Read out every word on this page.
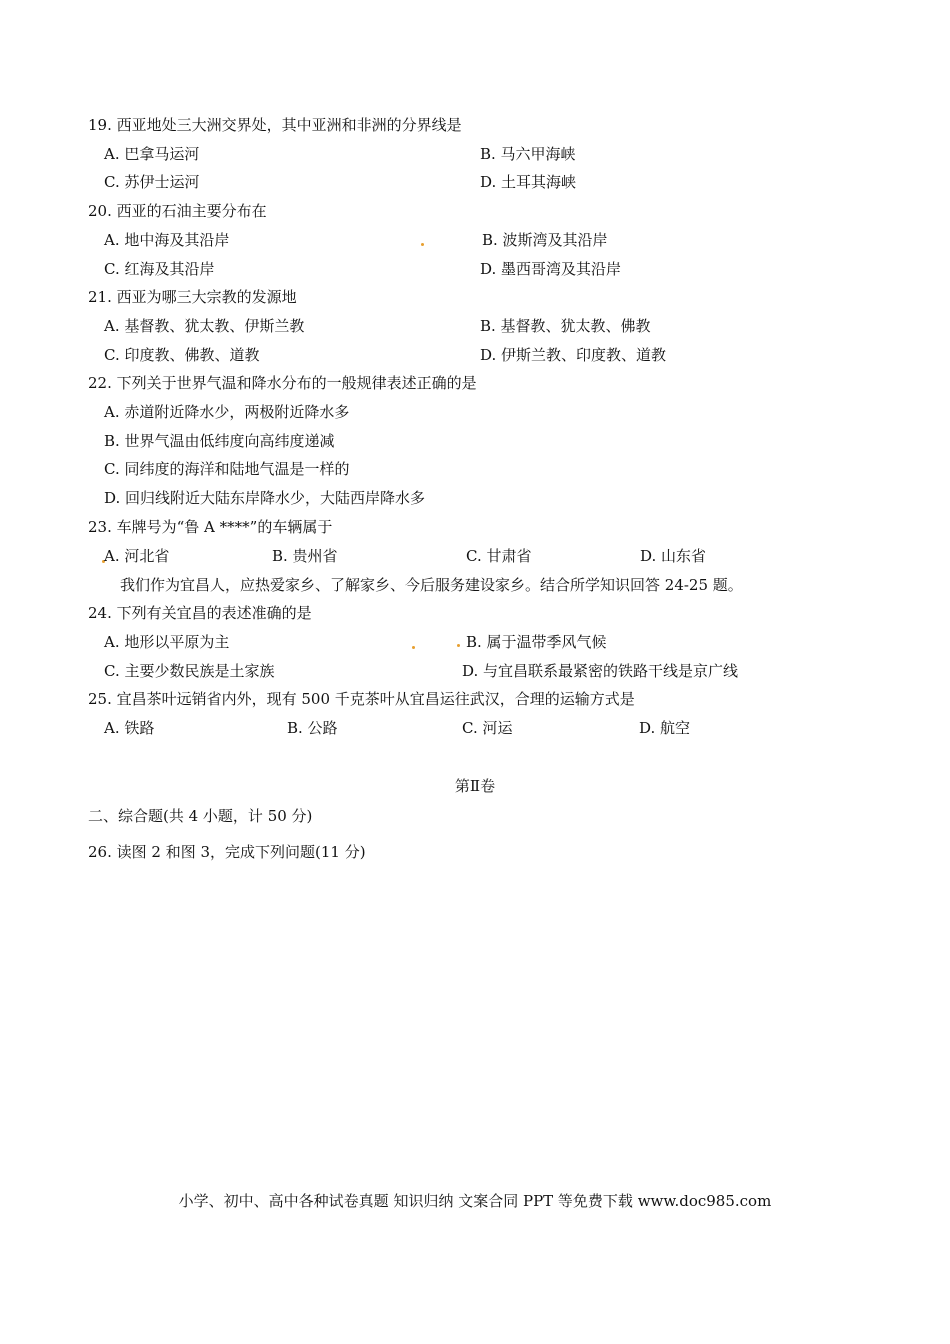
19. 西亚地处三大洲交界处，其中亚洲和非洲的分界线是
A. 巴拿马运河	B. 马六甲海峡
C. 苏伊士运河	D. 土耳其海峡
20. 西亚的石油主要分布在
A. 地中海及其沿岸	B. 波斯湾及其沿岸
C. 红海及其沿岸	D. 墨西哥湾及其沿岸
21. 西亚为哪三大宗教的发源地
A. 基督教、犹太教、伊斯兰教	B. 基督教、犹太教、佛教
C. 印度教、佛教、道教	D. 伊斯兰教、印度教、道教
22. 下列关于世界气温和降水分布的一般规律表述正确的是
A. 赤道附近降水少，两极附近降水多
B. 世界气温由低纬度向高纬度递减
C. 同纬度的海洋和陆地气温是一样的
D. 回归线附近大陆东岸降水少，大陆西岸降水多
23. 车牌号为“鲁 A ****”的车辆属于
A. 河北省	B. 贵州省	C. 甘肃省	D. 山东省
我们作为宜昌人，应热爱家乡、了解家乡、今后服务建设家乡。结合所学知识回答 24-25 题。
24. 下列有关宜昌的表述准确的是
A. 地形以平原为主	B. 属于温带季风气候
C. 主要少数民族是土家族	D. 与宜昌联系最紧密的铁路干线是京广线
25. 宜昌茶叶远销省内外，现有 500 千克茶叶从宜昌运往武汉，合理的运输方式是
A. 铁路	B. 公路	C. 河运	D. 航空
第Ⅱ卷
二、综合题(共 4 小题，计 50 分)
26. 读图 2 和图 3，完成下列问题(11 分)
小学、初中、高中各种试卷真题 知识归纳 文案合同 PPT 等免费下载 www.doc985.com
